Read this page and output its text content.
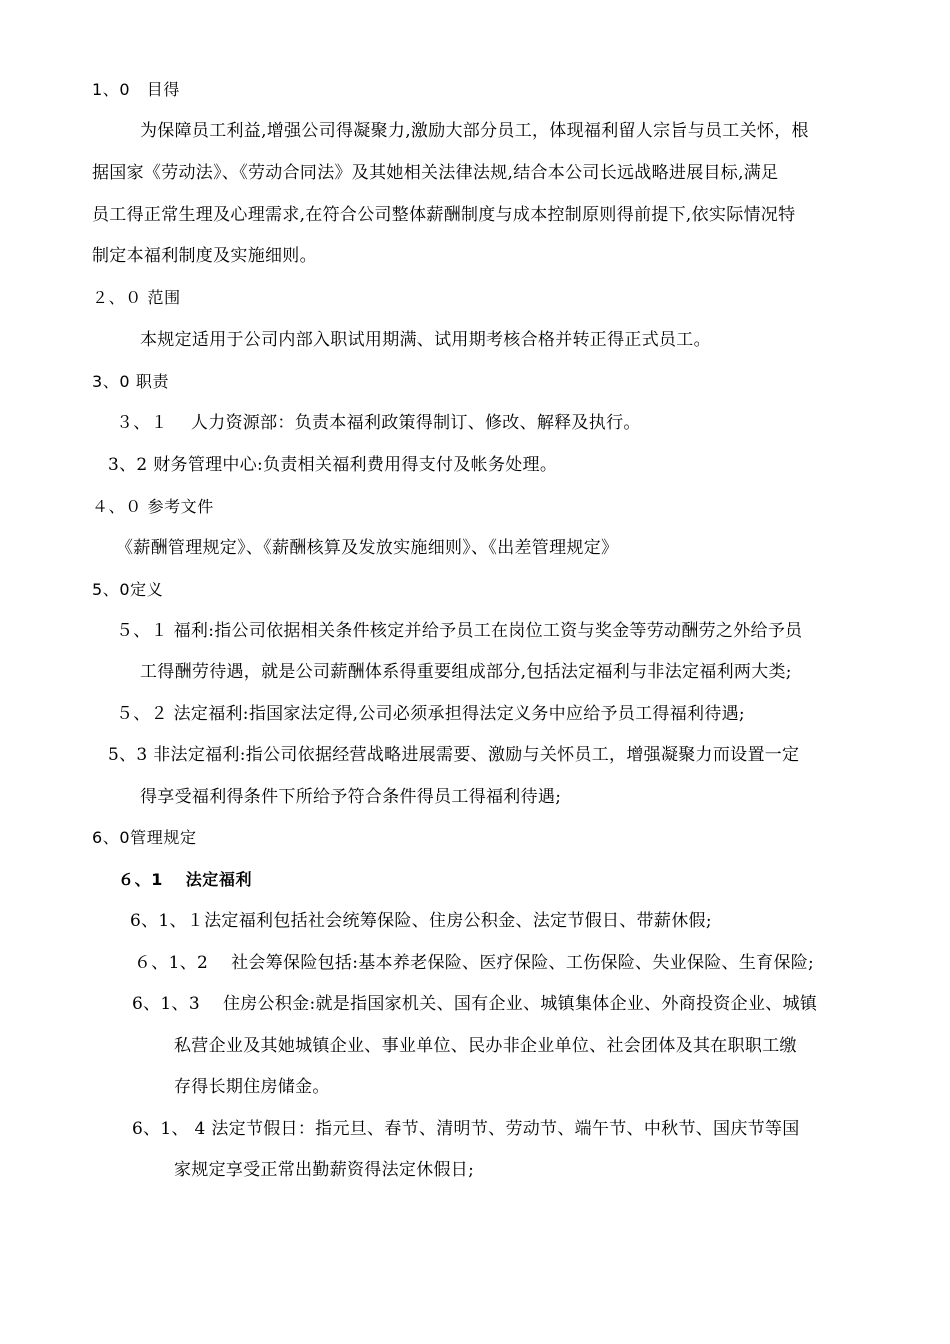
1、0　目得
为保障员工利益,增强公司得凝聚力,激励大部分员工，体现福利留人宗旨与员工关怀，根
据国家《劳动法》、《劳动合同法》及其她相关法律法规,结合本公司长远战略进展目标,满足
员工得正常生理及心理需求,在符合公司整体薪酬制度与成本控制原则得前提下,依实际情况特
制定本福利制度及实施细则。
２、０ 范围
本规定适用于公司内部入职试用期满、试用期考核合格并转正得正式员工。
3、0 职责
３、１　 人力资源部：负责本福利政策得制订、修改、解释及执行。
3、2 财务管理中心:负责相关福利费用得支付及帐务处理。
４、０ 参考文件
《薪酬管理规定》、《薪酬核算及发放实施细则》、《出差管理规定》
5、0定义
５、１ 福利:指公司依据相关条件核定并给予员工在岗位工资与奖金等劳动酬劳之外给予员
工得酬劳待遇，就是公司薪酬体系得重要组成部分,包括法定福利与非法定福利两大类;
５、２ 法定福利:指国家法定得,公司必须承担得法定义务中应给予员工得福利待遇;
5、3 非法定福利:指公司依据经营战略进展需要、激励与关怀员工，增强凝聚力而设置一定
得享受福利得条件下所给予符合条件得员工得福利待遇;
6、0管理规定
６、1　 法定福利
6、1、１法定福利包括社会统筹保险、住房公积金、法定节假日、带薪休假;
６、1、2　 社会筹保险包括:基本养老保险、医疗保险、工伤保险、失业保险、生育保险;
6、1、3　 住房公积金:就是指国家机关、国有企业、城镇集体企业、外商投资企业、城镇
私营企业及其她城镇企业、事业单位、民办非企业单位、社会团体及其在职职工缴
存得长期住房储金。
6、1、 4 法定节假日：指元旦、春节、清明节、劳动节、端午节、中秋节、国庆节等国
家规定享受正常出勤薪资得法定休假日;
